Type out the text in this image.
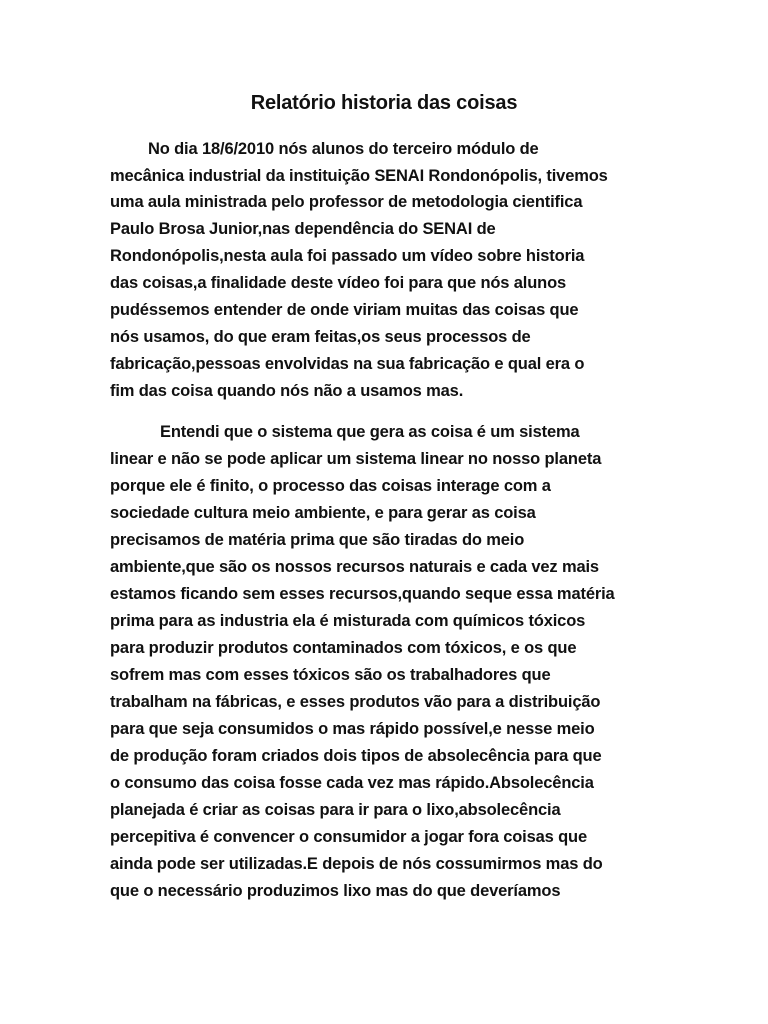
Relatório historia das coisas

No dia 18/6/2010 nós alunos do terceiro módulo de

mecânica industrial da instituição SENAI Rondonópolis, tivemos

uma aula ministrada pelo professor de metodologia cientifica

Paulo Brosa Junior,nas dependência do SENAI de

Rondonópolis,nesta aula foi passado um vídeo sobre historia

das coisas,a finalidade deste vídeo foi para que nós alunos

pudéssemos entender de onde viriam muitas das coisas que

nós usamos, do que eram feitas,os seus processos de

fabricação,pessoas envolvidas na sua fabricação e qual era o

fim das coisa quando nós não a usamos mas.

Entendi que o sistema que gera as coisa é um sistema

linear e não se pode aplicar um sistema linear no nosso planeta

porque ele é finito, o processo das coisas interage com a

sociedade cultura meio ambiente, e para gerar as coisa

precisamos de matéria prima que são tiradas do meio

ambiente,que são os nossos recursos naturais e cada vez mais

estamos ficando sem esses recursos,quando seque essa matéria

prima para as industria ela é misturada com químicos tóxicos

para produzir produtos contaminados com tóxicos, e os que

sofrem mas com esses tóxicos são os trabalhadores que

trabalham na fábricas, e esses produtos vão para a distribuição

para que seja consumidos o mas rápido possível,e nesse meio

de produção foram criados dois tipos de absolecência para que

o consumo das coisa fosse cada vez mas rápido.Absolecência

planejada é criar as coisas para ir para o lixo,absolecência

percepitiva é convencer o consumidor a jogar fora coisas que

ainda pode ser utilizadas.E depois de nós cossumirmos mas do

que o necessário produzimos lixo mas do que deveríamos
